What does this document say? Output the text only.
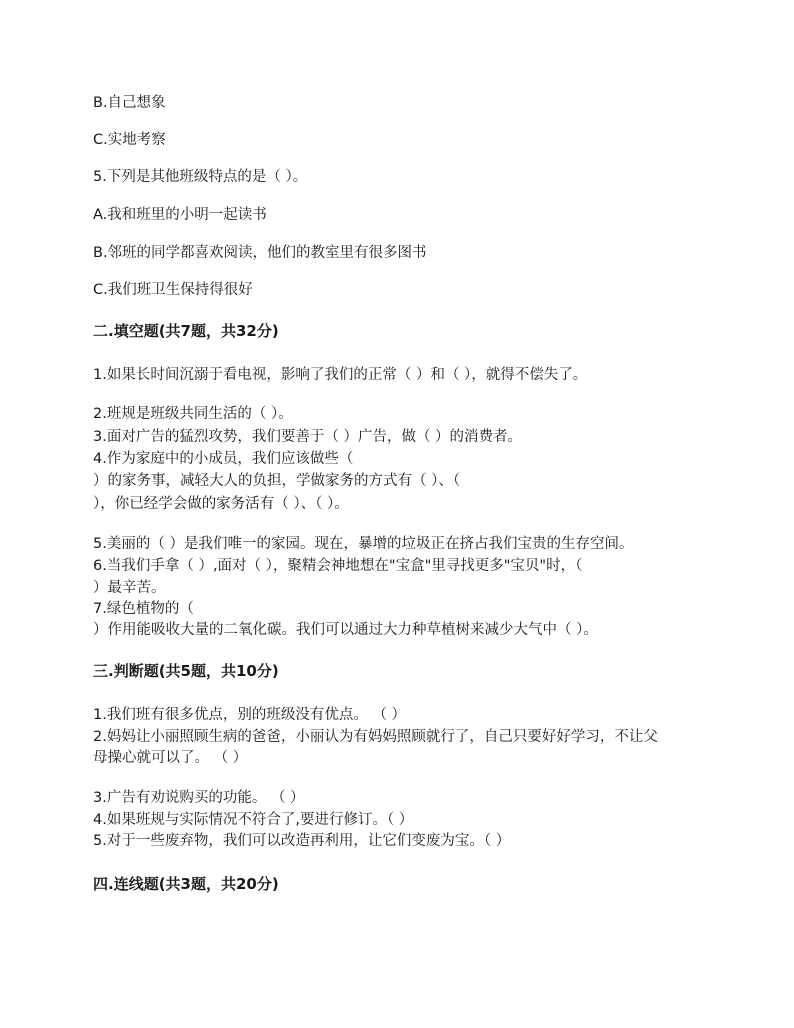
B.自己想象
C.实地考察
5.下列是其他班级特点的是（ ）。
A.我和班里的小明一起读书
B.邻班的同学都喜欢阅读，他们的教室里有很多图书
C.我们班卫生保持得很好
二.填空题(共7题，共32分)
1.如果长时间沉溺于看电视，影响了我们的正常（ ）和（ ），就得不偿失了。
2.班规是班级共同生活的（ ）。
3.面对广告的猛烈攻势，我们要善于（ ）广告，做（ ）的消费者。
4.作为家庭中的小成员，我们应该做些（
）的家务事，减轻大人的负担，学做家务的方式有（ ）、（
），你已经学会做的家务活有（ ）、（ ）。
5.美丽的（ ）是我们唯一的家园。现在，暴增的垃圾正在挤占我们宝贵的生存空间。
6.当我们手拿（ ）,面对（ ），聚精会神地想在"宝盒"里寻找更多"宝贝"时，（
）最辛苦。
7.绿色植物的（
）作用能吸收大量的二氧化碳。我们可以通过大力种草植树来减少大气中（ ）。
三.判断题(共5题，共10分)
1.我们班有很多优点，别的班级没有优点。 （ ）
2.妈妈让小丽照顾生病的爸爸，小丽认为有妈妈照顾就行了，自己只要好好学习，不让父
母操心就可以了。 （ ）
3.广告有劝说购买的功能。 （ ）
4.如果班规与实际情况不符合了,要进行修订。（ ）
5.对于一些废弃物，我们可以改造再利用，让它们变废为宝。（ ）
四.连线题(共3题，共20分)
